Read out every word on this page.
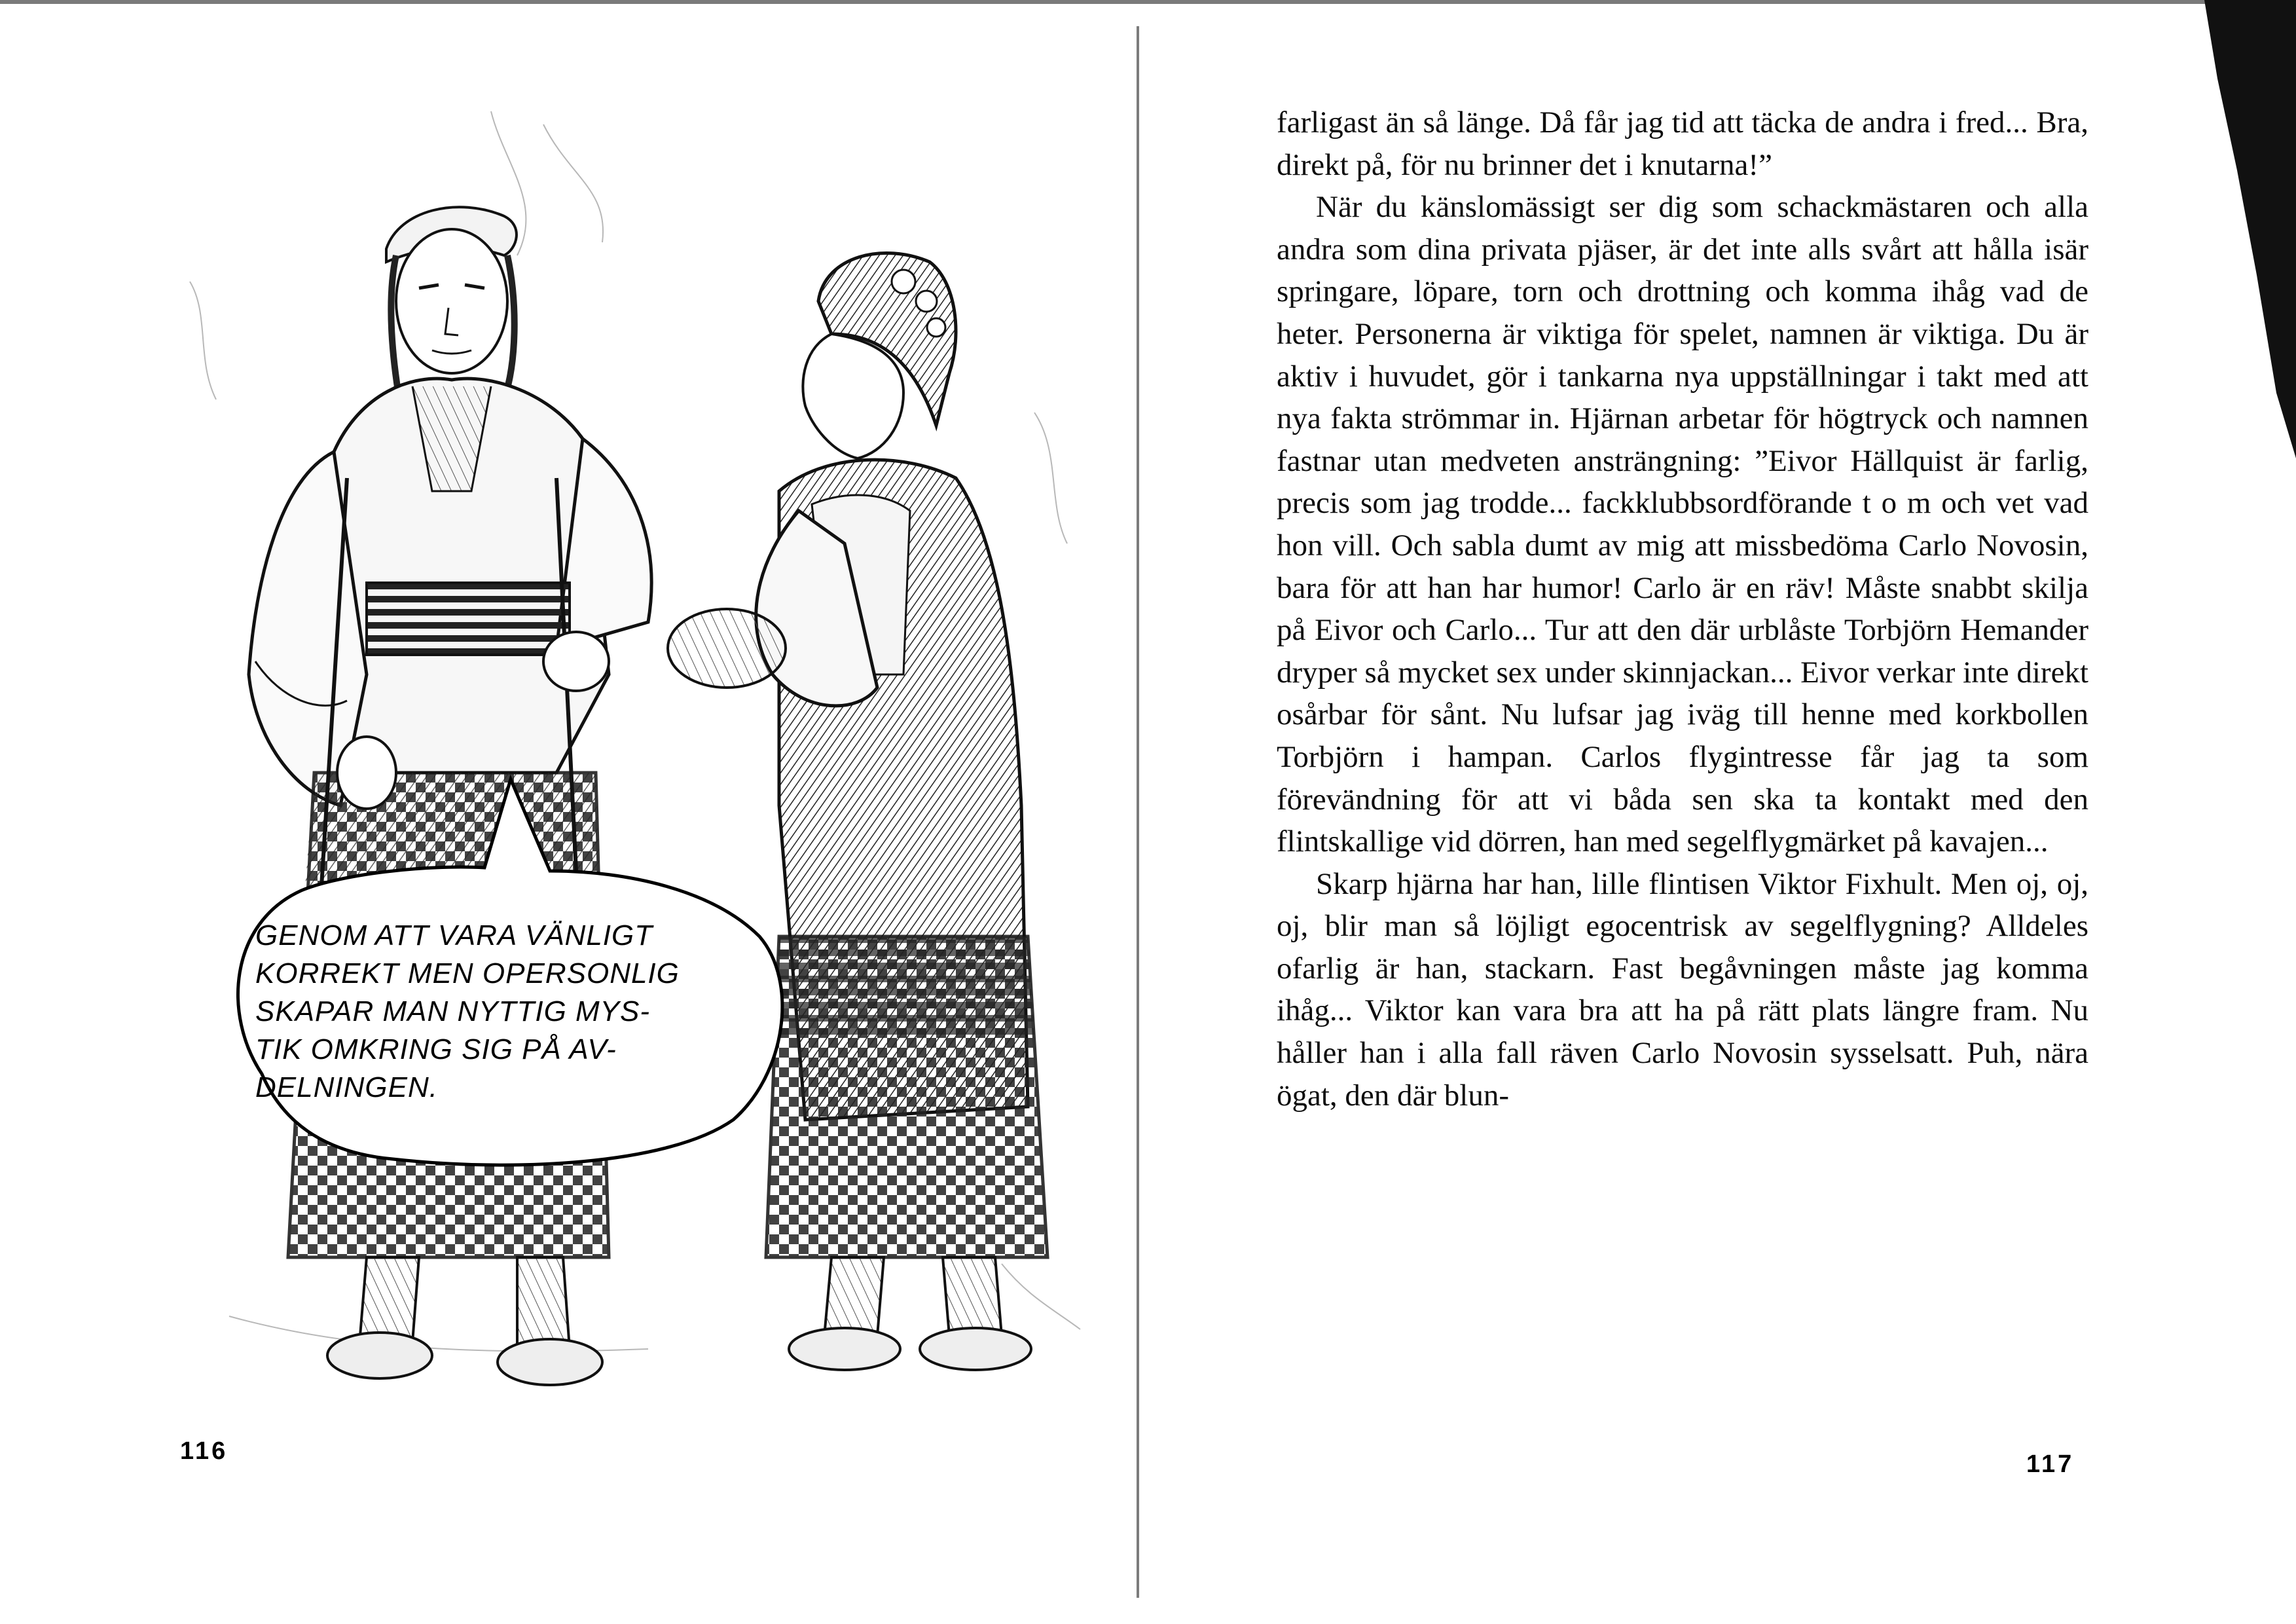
GENOM ATT VARA VÄNLIGT
KORREKT MEN OPERSONLIG
SKAPAR MAN NYTTIG MYS-
TIK OMKRING SIG PÅ AV-
DELNINGEN.
116	117

farligast än så länge. Då får jag tid att täcka de andra i fred... Bra, direkt på, för nu brinner det i knutarna!”

När du känslomässigt ser dig som schackmästaren och alla andra som dina privata pjäser, är det inte alls svårt att hålla isär springare, löpare, torn och drottning och komma ihåg vad de heter. Personerna är viktiga för spelet, namnen är viktiga. Du är aktiv i huvudet, gör i tankarna nya uppställningar i takt med att nya fakta strömmar in. Hjärnan arbetar för högtryck och namnen fastnar utan medveten ansträngning: ”Eivor Hällquist är farlig, precis som jag trodde... fackklubbsordförande t o m och vet vad hon vill. Och sabla dumt av mig att missbedöma Carlo Novosin, bara för att han har humor! Carlo är en räv! Måste snabbt skilja på Eivor och Carlo... Tur att den där urblåste Torbjörn Hemander dryper så mycket sex under skinnjackan... Eivor verkar inte direkt osårbar för sånt. Nu lufsar jag iväg till henne med korkbollen Torbjörn i hampan. Carlos flygintresse får jag ta som förevändning för att vi båda sen ska ta kontakt med den flintskallige vid dörren, han med segelflygmärket på kavajen...

Skarp hjärna har han, lille flintisen Viktor Fixhult. Men oj, oj, oj, blir man så löjligt egocentrisk av segelflygning? Alldeles ofarlig är han, stackarn. Fast begåvningen måste jag komma ihåg... Viktor kan vara bra att ha på rätt plats längre fram. Nu håller han i alla fall räven Carlo Novosin sysselsatt. Puh, nära ögat, den där blun-
